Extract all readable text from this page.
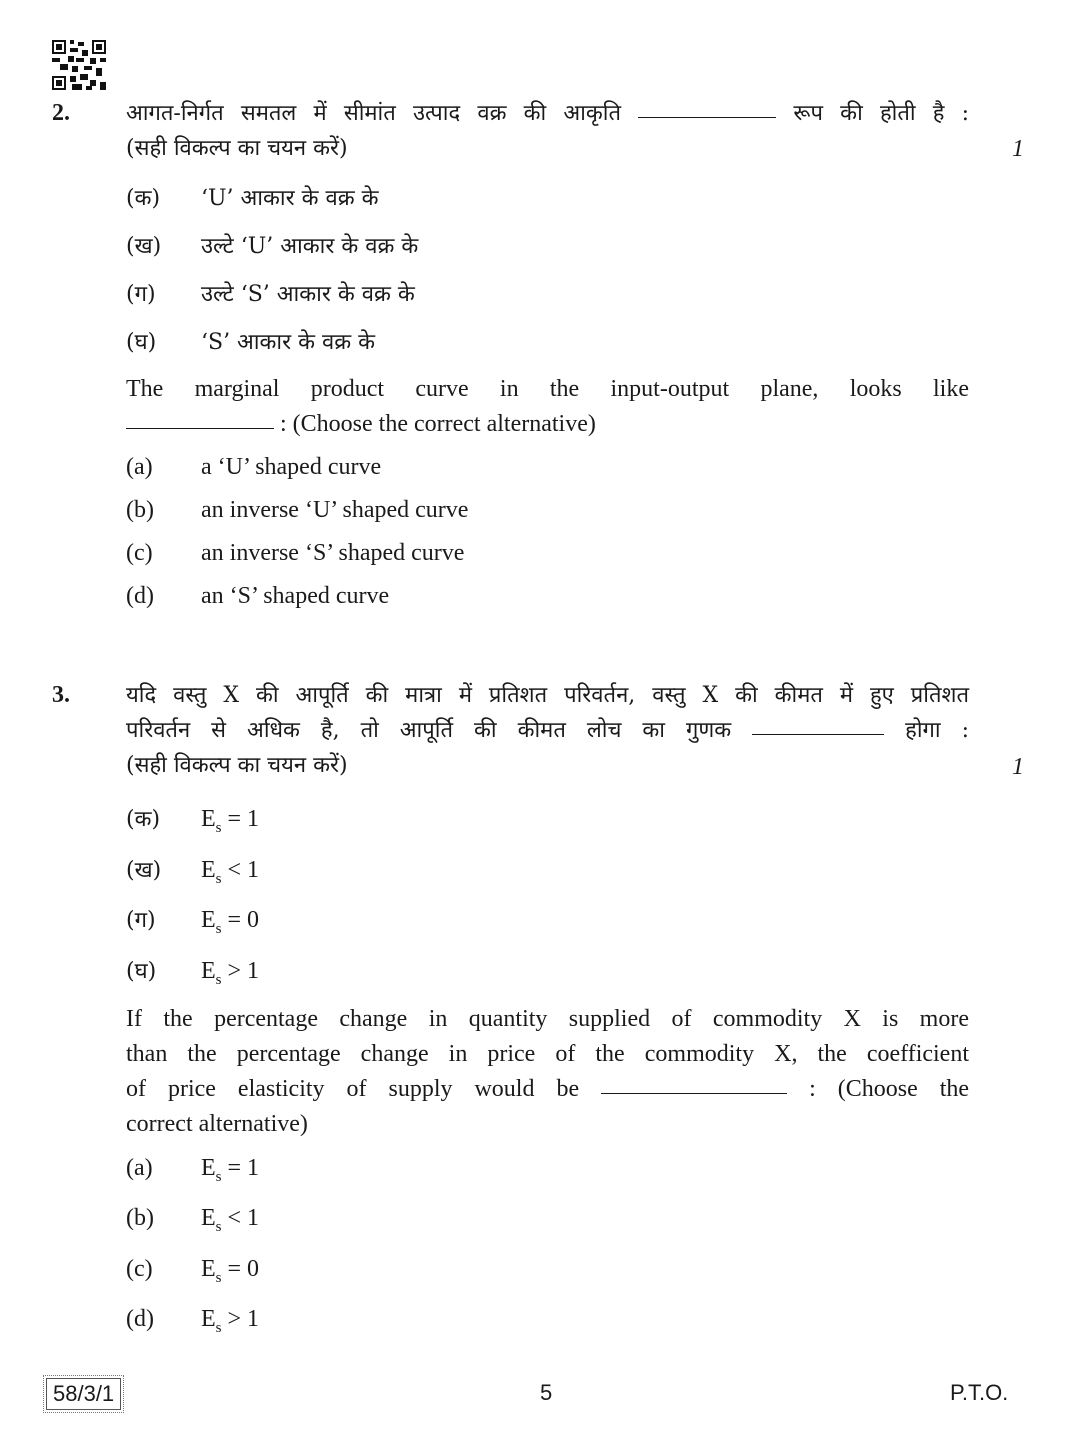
2.	आगत-निर्गत समतल में सीमांत उत्पाद वक्र की आकृति	रूप की होती है :
(सही विकल्प का चयन करें)	1
(क) ‘U’ आकार के वक्र के
(ख) उल्टे ‘U’ आकार के वक्र के
(ग) उल्टे ‘S’ आकार के वक्र के
(घ) ‘S’ आकार के वक्र के
The marginal product curve in the input-output plane, looks like
: (Choose the correct alternative)
(a) a ‘U’ shaped curve
(b) an inverse ‘U’ shaped curve
(c) an inverse ‘S’ shaped curve
(d) an ‘S’ shaped curve
3.	यदि वस्तु X की आपूर्ति की मात्रा में प्रतिशत परिवर्तन, वस्तु X की कीमत में हुए प्रतिशत
परिवर्तन से अधिक है, तो आपूर्ति की कीमत लोच का गुणक	होगा :
(सही विकल्प का चयन करें)	1
(क) $E_s = 1$
(ख) $E_s < 1$
(ग) $E_s = 0$
(घ) $E_s > 1$
If the percentage change in quantity supplied of commodity X is more
than the percentage change in price of the commodity X, the coefficient
of price elasticity of supply would be	: (Choose the
correct alternative)
(a) $E_s = 1$
(b) $E_s < 1$
(c) $E_s = 0$
(d) $E_s > 1$
58/3/1	5	P.T.O.
